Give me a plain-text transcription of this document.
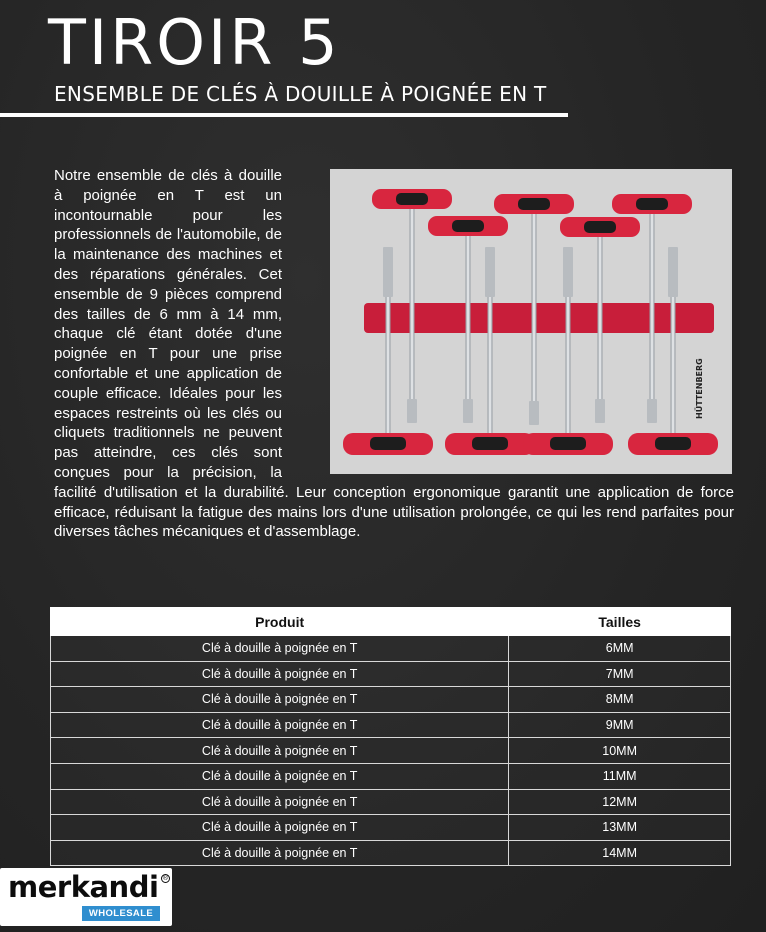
TIROIR 5
ENSEMBLE DE CLÉS À DOUILLE À POIGNÉE EN T

Notre ensemble de clés à douille à poignée en T est un incontournable pour les professionnels de l'automobile, de la maintenance des machines et des réparations générales. Cet ensemble de 9 pièces comprend des tailles de 6 mm à 14 mm, chaque clé étant dotée d'une poignée en T pour une prise confortable et une application de couple efficace. Idéales pour les espaces restreints où les clés ou cliquets traditionnels ne peuvent pas atteindre, ces clés sont conçues pour la précision, la facilité d'utilisation et la durabilité. Leur conception ergonomique garantit une application de force efficace, réduisant la fatigue des mains lors d'une utilisation prolongée, ce qui les rend parfaites pour diverses tâches mécaniques et d'assemblage.

HÜTTENBERG
Produit	Tailles
Clé à douille à poignée en T	6MM
Clé à douille à poignée en T	7MM
Clé à douille à poignée en T	8MM
Clé à douille à poignée en T	9MM
Clé à douille à poignée en T	10MM
Clé à douille à poignée en T	11MM
Clé à douille à poignée en T	12MM
Clé à douille à poignée en T	13MM
Clé à douille à poignée en T	14MM
merkandi ®
WHOLESALE
